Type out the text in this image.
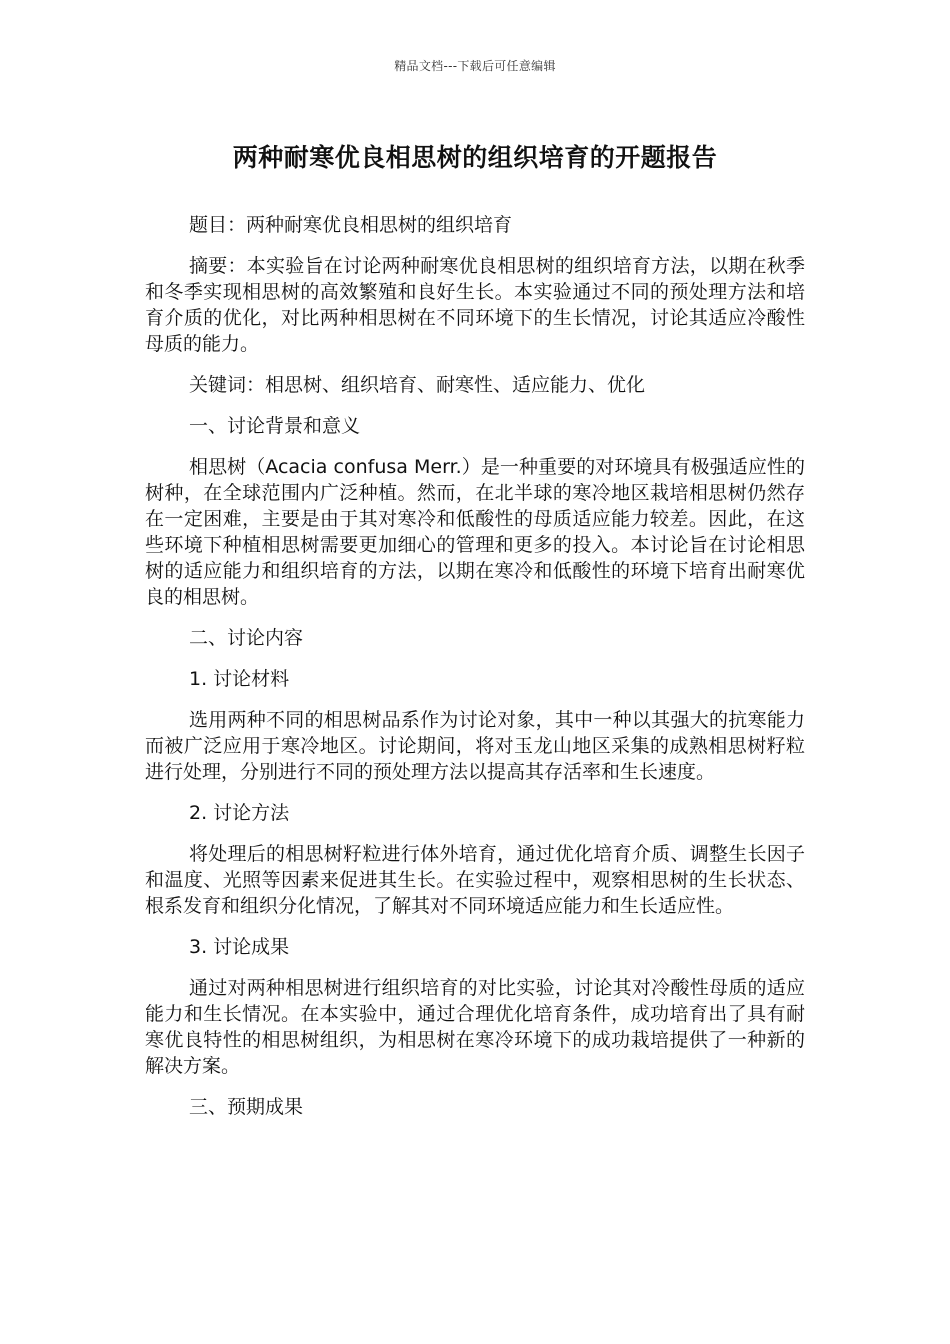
精品文档---下载后可任意编辑
两种耐寒优良相思树的组织培育的开题报告

题目：两种耐寒优良相思树的组织培育

摘要：本实验旨在讨论两种耐寒优良相思树的组织培育方法，以期在秋季和冬季实现相思树的高效繁殖和良好生长。本实验通过不同的预处理方法和培育介质的优化，对比两种相思树在不同环境下的生长情况，讨论其适应冷酸性母质的能力。

关键词：相思树、组织培育、耐寒性、适应能力、优化

一、讨论背景和意义

相思树（Acacia confusa Merr.）是一种重要的对环境具有极强适应性的树种，在全球范围内广泛种植。然而，在北半球的寒冷地区栽培相思树仍然存在一定困难，主要是由于其对寒冷和低酸性的母质适应能力较差。因此，在这些环境下种植相思树需要更加细心的管理和更多的投入。本讨论旨在讨论相思树的适应能力和组织培育的方法，以期在寒冷和低酸性的环境下培育出耐寒优良的相思树。

二、讨论内容

1. 讨论材料

选用两种不同的相思树品系作为讨论对象，其中一种以其强大的抗寒能力而被广泛应用于寒冷地区。讨论期间，将对玉龙山地区采集的成熟相思树籽粒进行处理，分别进行不同的预处理方法以提高其存活率和生长速度。

2. 讨论方法

将处理后的相思树籽粒进行体外培育，通过优化培育介质、调整生长因子和温度、光照等因素来促进其生长。在实验过程中，观察相思树的生长状态、根系发育和组织分化情况，了解其对不同环境适应能力和生长适应性。

3. 讨论成果

通过对两种相思树进行组织培育的对比实验，讨论其对冷酸性母质的适应能力和生长情况。在本实验中，通过合理优化培育条件，成功培育出了具有耐寒优良特性的相思树组织，为相思树在寒冷环境下的成功栽培提供了一种新的解决方案。

三、预期成果
